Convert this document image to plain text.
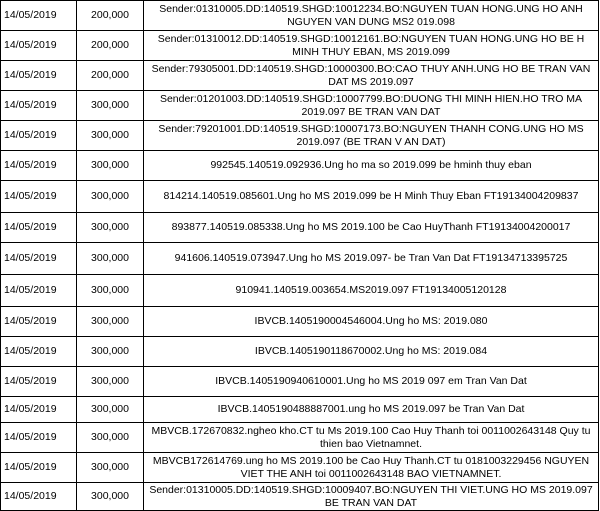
14/05/2019	200,000	Sender:01310005.DD:140519.SHGD:10012234.BO:NGUYEN TUAN HONG.UNG HO ANH NGUYEN VAN DUNG MS2 019.098
14/05/2019	200,000	Sender:01310012.DD:140519.SHGD:10012161.BO:NGUYEN TUAN HONG.UNG HO BE H MINH THUY EBAN, MS 2019.099
14/05/2019	200,000	Sender:79305001.DD:140519.SHGD:10000300.BO:CAO THUY ANH.UNG HO BE TRAN VAN DAT MS 2019.097
14/05/2019	300,000	Sender:01201003.DD:140519.SHGD:10007799.BO:DUONG THI MINH HIEN.HO TRO MA 2019.097 BE TRAN VAN DAT
14/05/2019	300,000	Sender:79201001.DD:140519.SHGD:10007173.BO:NGUYEN THANH CONG.UNG HO MS 2019.097 (BE TRAN V AN DAT)
14/05/2019	300,000	992545.140519.092936.Ung ho ma so 2019.099 be hminh thuy eban
14/05/2019	300,000	814214.140519.085601.Ung ho MS 2019.099 be H Minh Thuy Eban FT19134004209837
14/05/2019	300,000	893877.140519.085338.Ung ho MS 2019.100 be Cao HuyThanh FT19134004200017
14/05/2019	300,000	941606.140519.073947.Ung ho MS 2019.097- be Tran Van Dat FT19134713395725
14/05/2019	300,000	910941.140519.003654.MS2019.097 FT19134005120128
14/05/2019	300,000	IBVCB.1405190004546004.Ung ho MS: 2019.080
14/05/2019	300,000	IBVCB.1405190118670002.Ung ho MS: 2019.084
14/05/2019	300,000	IBVCB.1405190940610001.Ung ho MS 2019 097 em Tran Van Dat
14/05/2019	300,000	IBVCB.1405190488887001.ung ho MS 2019.097 be Tran Van Dat
14/05/2019	300,000	MBVCB.172670832.ngheo kho.CT tu Ms 2019.100 Cao Huy Thanh toi 0011002643148 Quy tu thien bao Vietnamnet.
14/05/2019	300,000	MBVCB172614769.ung ho MS 2019.100 be Cao Huy Thanh.CT tu 0181003229456 NGUYEN VIET THE ANH toi 0011002643148 BAO VIETNAMNET.
14/05/2019	300,000	Sender:01310005.DD:140519.SHGD:10009407.BO:NGUYEN THI VIET.UNG HO MS 2019.097 BE TRAN VAN DAT
